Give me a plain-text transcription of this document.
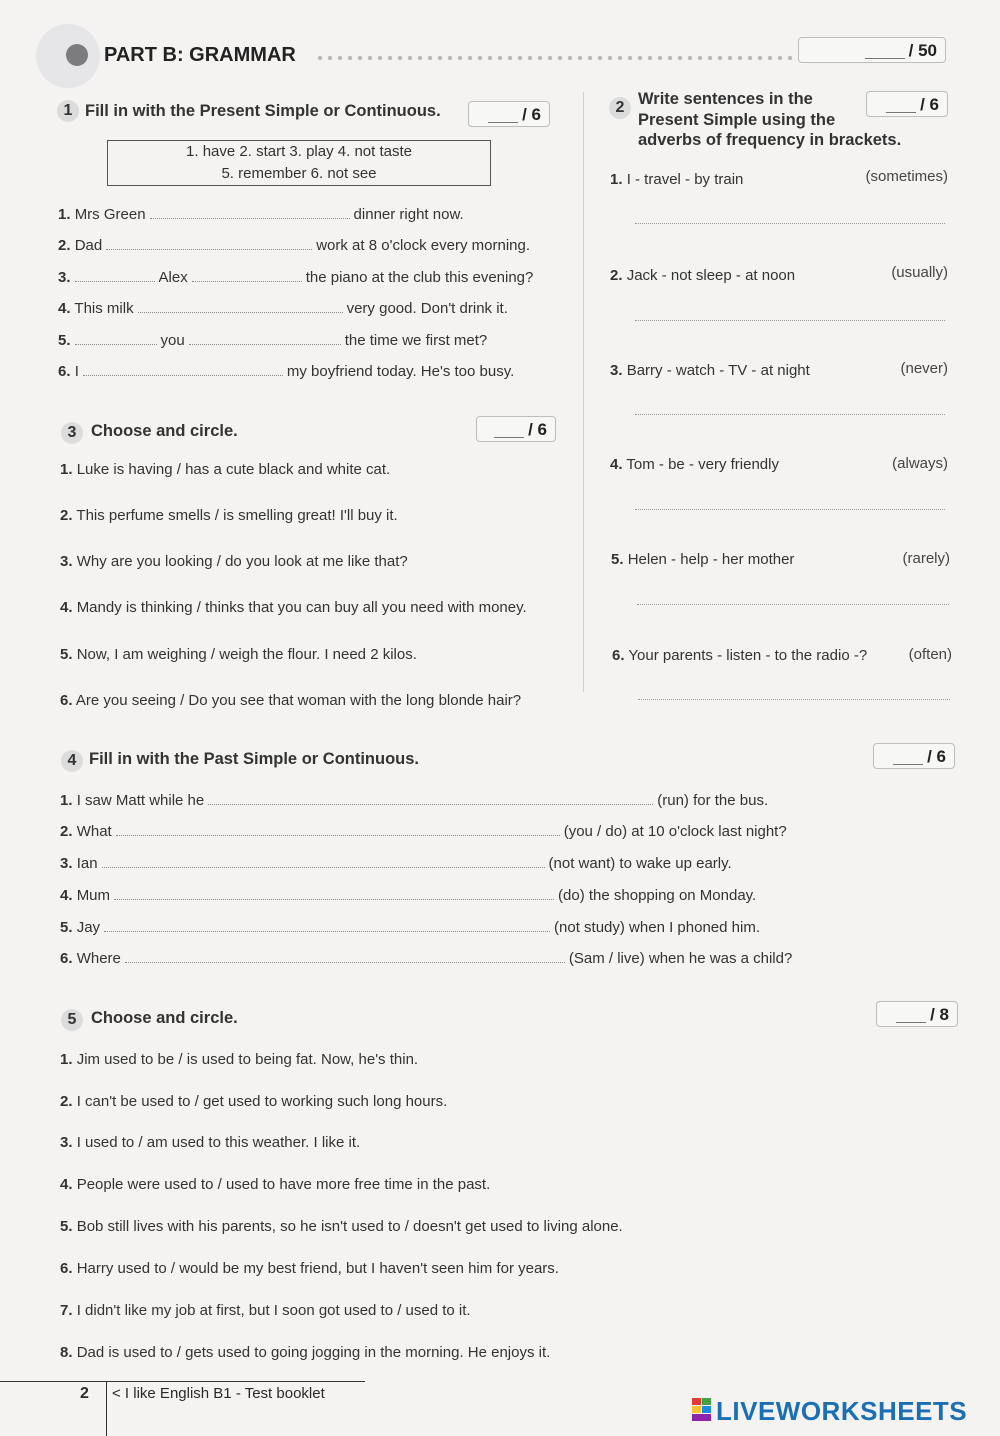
PART B: GRAMMAR	/ 50
1 Fill in with the Present Simple or Continuous.	/ 6
1. have 2. start 3. play 4. not taste
5. remember 6. not see
1. Mrs Green	dinner right now.
2. Dad	work at 8 o'clock every morning.
3.	Alex	the piano at the club this evening?
4. This milk	very good. Don't drink it.
5.	you	the time we first met?
6. I	my boyfriend today. He's too busy.
3 Choose and circle.	/ 6
1. Luke is having / has a cute black and white cat.
2. This perfume smells / is smelling great! I'll buy it.
3. Why are you looking / do you look at me like that?
4. Mandy is thinking / thinks that you can buy all you need with money.
5. Now, I am weighing / weigh the flour. I need 2 kilos.
6. Are you seeing / Do you see that woman with the long blonde hair?
2 Write sentences in the
Present Simple using the
adverbs of frequency in brackets.
/ 6
1. I - travel - by train	(sometimes)
2. Jack - not sleep - at noon	(usually)
3. Barry - watch - TV - at night	(never)
4. Tom - be - very friendly	(always)
5. Helen - help - her mother	(rarely)
6. Your parents - listen - to the radio -?	(often)
4 Fill in with the Past Simple or Continuous.	/ 6
1. I saw Matt while he	(run) for the bus.
2. What	(you / do) at 10 o'clock last night?
3. Ian	(not want) to wake up early.
4. Mum	(do) the shopping on Monday.
5. Jay	(not study) when I phoned him.
6. Where	(Sam / live) when he was a child?
5 Choose and circle.	/ 8
1. Jim used to be / is used to being fat. Now, he's thin.
2. I can't be used to / get used to working such long hours.
3. I used to / am used to this weather. I like it.
4. People were used to / used to have more free time in the past.
5. Bob still lives with his parents, so he isn't used to / doesn't get used to living alone.
6. Harry used to / would be my best friend, but I haven't seen him for years.
7. I didn't like my job at first, but I soon got used to / used to it.
8. Dad is used to / gets used to going jogging in the morning. He enjoys it.
2 < I like English B1 - Test booklet
LIVEWORKSHEETS
